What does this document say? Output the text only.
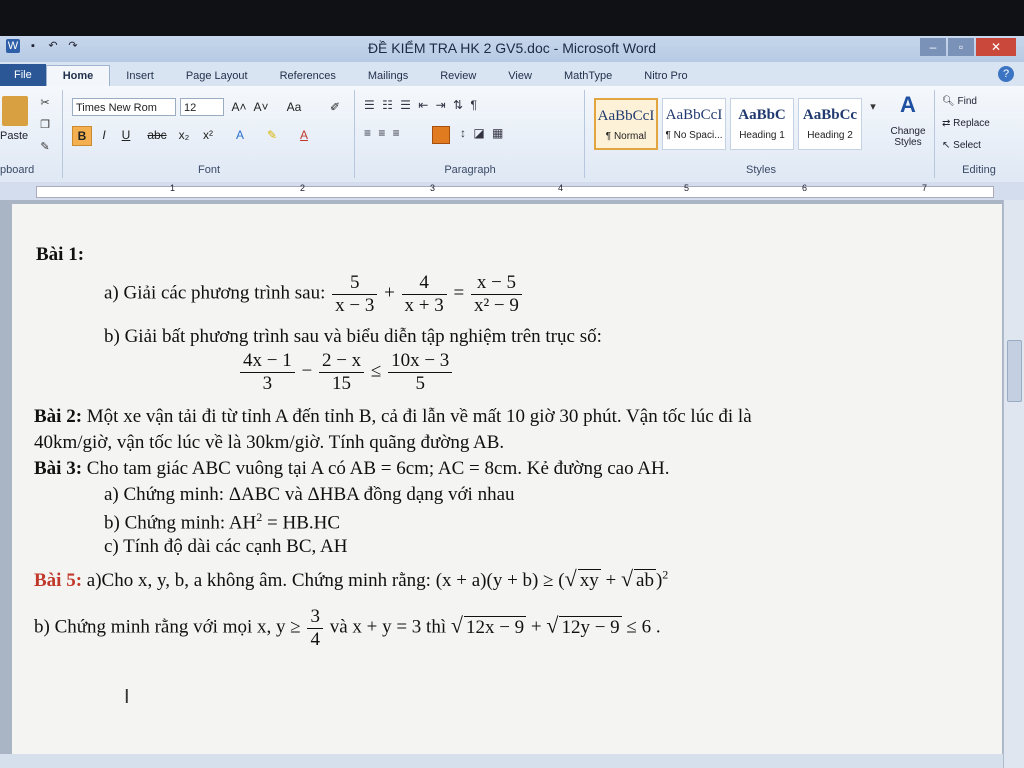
W	▪	↶ ↷	ĐỀ KIỂM TRA HK 2 GV5.doc - Microsoft Word	–	▫	✕
File	Home	Insert	Page Layout	References	Mailings	Review	View	MathType	Nitro Pro	?
Paste
✂
❐
✎
pboard
Times New Rom	12	A˄ A˅	Aa	✐
B	I	U	abc x₂	x²	A	✎	A
Font
☰ ☷ ☰ ⇤ ⇥ ⇅ ¶
≡ ≡ ≡	↕ ◪ ▦
Paragraph
AaBbCcI
¶ Normal
AaBbCcI
¶ No Spaci...
AaBbC
Heading 1
AaBbCc
Heading 2
▾	A
Change Styles
Styles
🔍︎ Find
⇄ Replace
↖ Select
Editing
1	2	3	4	5	6	7
Bài 1:
a) Giải các phương trình sau: $\frac{5}{x - 3} + \frac{4}{x + 3} = \frac{x - 5}{\text{x² − 9}}$
b) Giải bất phương trình sau và biểu diễn tập nghiệm trên trục số:
$\frac{4x - 1}{3} - \frac{2 - x}{15} \le \frac{10x - 3}{5}$
Bài 2: Một xe vận tải đi từ tỉnh A đến tỉnh B, cả đi lẫn về mất 10 giờ 30 phút. Vận tốc lúc đi là
40km/giờ, vận tốc lúc về là 30km/giờ. Tính quãng đường AB.
Bài 3: Cho tam giác ABC vuông tại A có AB = 6cm; AC = 8cm. Kẻ đường cao AH.
a) Chứng minh: ΔABC và ΔHBA đồng dạng với nhau
b) Chứng minh: $AH^2 = HB.HC$
c) Tính độ dài các cạnh BC, AH
Bài 5: a)Cho x, y, b, a không âm. Chứng minh rằng: (x + a)(y + b) ≥ (√ xy + √ ab )$^2$
b) Chứng minh rằng với mọi x, $y \ge \frac{3}{4}$ và x + y = 3 thì √ 12x − 9 + √ 12y − 9 ≤ 6 .
I
